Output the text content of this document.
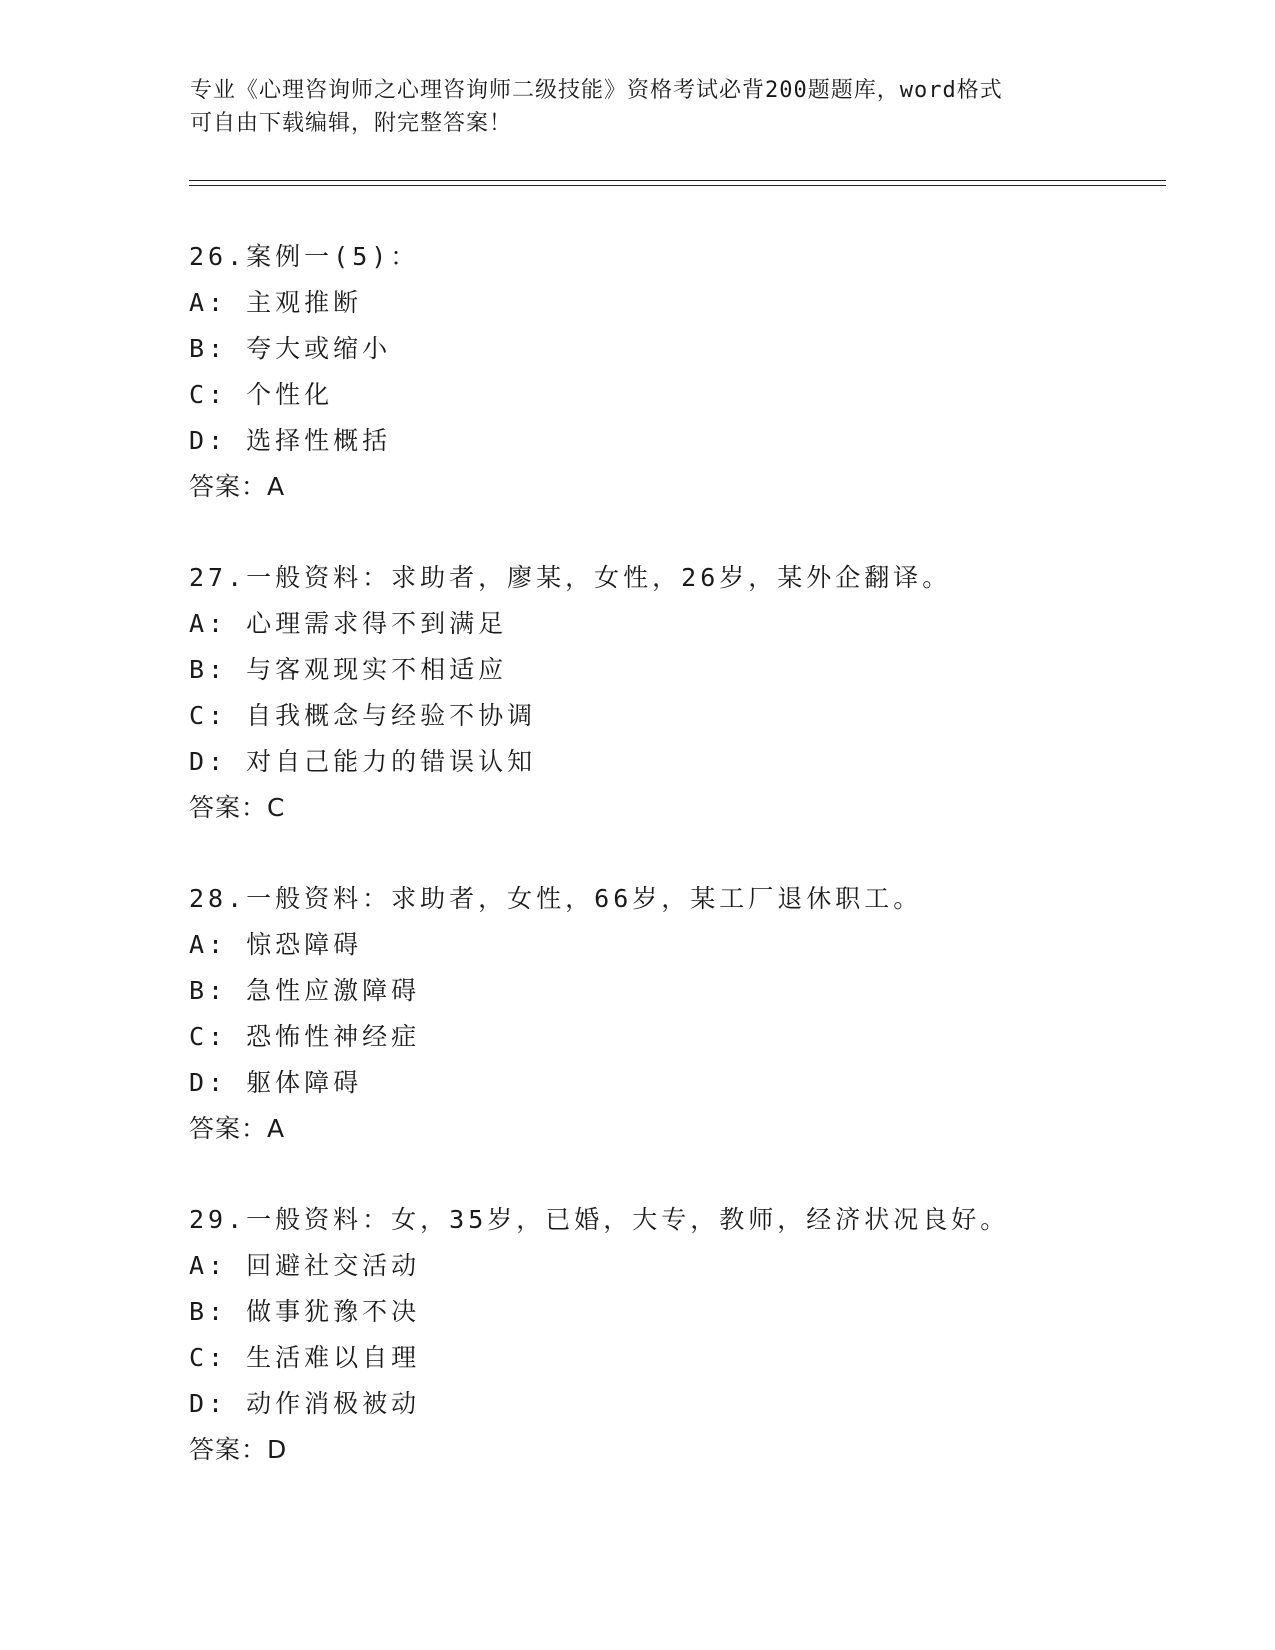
专业《心理咨询师之心理咨询师二级技能》资格考试必背200题题库，word格式
可自由下载编辑，附完整答案！
26.案例一(5)：
A: 主观推断
B: 夸大或缩小
C: 个性化
D: 选择性概括
答案：A
27.一般资料：求助者，廖某，女性，26岁，某外企翻译。
A: 心理需求得不到满足
B: 与客观现实不相适应
C: 自我概念与经验不协调
D: 对自己能力的错误认知
答案：C
28.一般资料：求助者，女性，66岁，某工厂退休职工。
A: 惊恐障碍
B: 急性应激障碍
C: 恐怖性神经症
D: 躯体障碍
答案：A
29.一般资料：女，35岁，已婚，大专，教师，经济状况良好。
A: 回避社交活动
B: 做事犹豫不决
C: 生活难以自理
D: 动作消极被动
答案：D
